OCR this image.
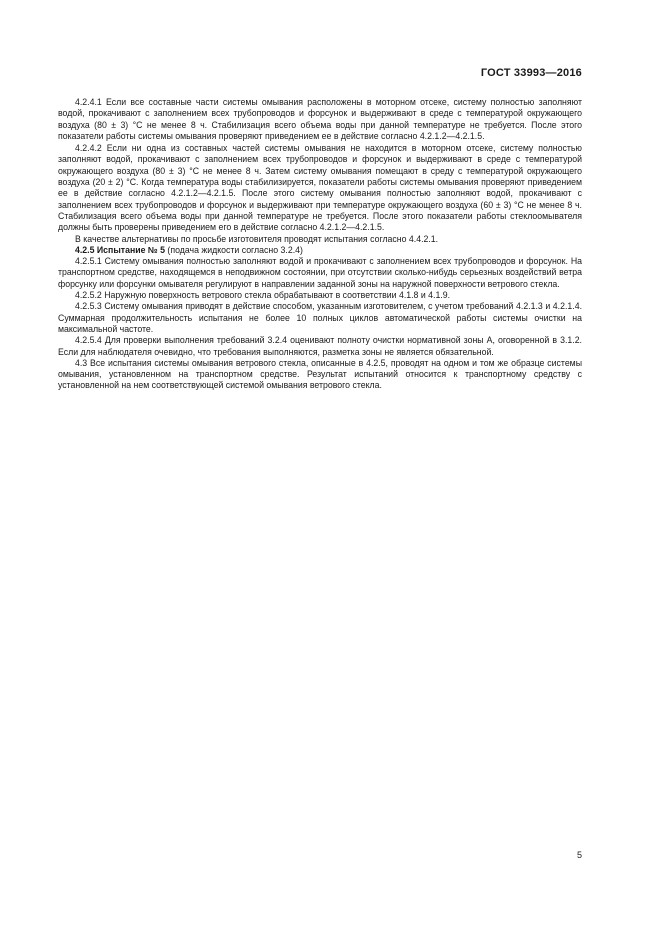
ГОСТ 33993—2016

4.2.4.1 Если все составные части системы омывания расположены в моторном отсеке, систему полностью заполняют водой, прокачивают с заполнением всех трубопроводов и форсунок и выдерживают в среде с температурой окружающего воздуха (80 ± 3) °C не менее 8 ч. Стабилизация всего объема воды при данной температуре не требуется. После этого показатели работы системы омывания проверяют приведением ее в действие согласно 4.2.1.2—4.2.1.5.

4.2.4.2 Если ни одна из составных частей системы омывания не находится в моторном отсеке, систему полностью заполняют водой, прокачивают с заполнением всех трубопроводов и форсунок и выдерживают в среде с температурой окружающего воздуха (80 ± 3) °C не менее 8 ч. Затем систему омывания помещают в среду с температурой окружающего воздуха (20 ± 2) °C. Когда температура воды стабилизируется, показатели работы системы омывания проверяют приведением ее в действие согласно 4.2.1.2—4.2.1.5. После этого систему омывания полностью заполняют водой, прокачивают с заполнением всех трубопроводов и форсунок и выдерживают при температуре окружающего воздуха (60 ± 3) °C не менее 8 ч. Стабилизация всего объема воды при данной температуре не требуется. После этого показатели работы стеклоомывателя должны быть проверены приведением его в действие согласно 4.2.1.2—4.2.1.5.

В качестве альтернативы по просьбе изготовителя проводят испытания согласно 4.4.2.1.

4.2.5 Испытание № 5 (подача жидкости согласно 3.2.4)

4.2.5.1 Систему омывания полностью заполняют водой и прокачивают с заполнением всех трубопроводов и форсунок. На транспортном средстве, находящемся в неподвижном состоянии, при отсутствии сколько-нибудь серьезных воздействий ветра форсунку или форсунки омывателя регулируют в направлении заданной зоны на наружной поверхности ветрового стекла.

4.2.5.2 Наружную поверхность ветрового стекла обрабатывают в соответствии 4.1.8 и 4.1.9.

4.2.5.3 Систему омывания приводят в действие способом, указанным изготовителем, с учетом требований 4.2.1.3 и 4.2.1.4. Суммарная продолжительность испытания не более 10 полных циклов автоматической работы системы очистки на максимальной частоте.

4.2.5.4 Для проверки выполнения требований 3.2.4 оценивают полноту очистки нормативной зоны А, оговоренной в 3.1.2. Если для наблюдателя очевидно, что требования выполняются, разметка зоны не является обязательной.

4.3 Все испытания системы омывания ветрового стекла, описанные в 4.2.5, проводят на одном и том же образце системы омывания, установленном на транспортном средстве. Результат испытаний относится к транспортному средству с установленной на нем соответствующей системой омывания ветрового стекла.

5
